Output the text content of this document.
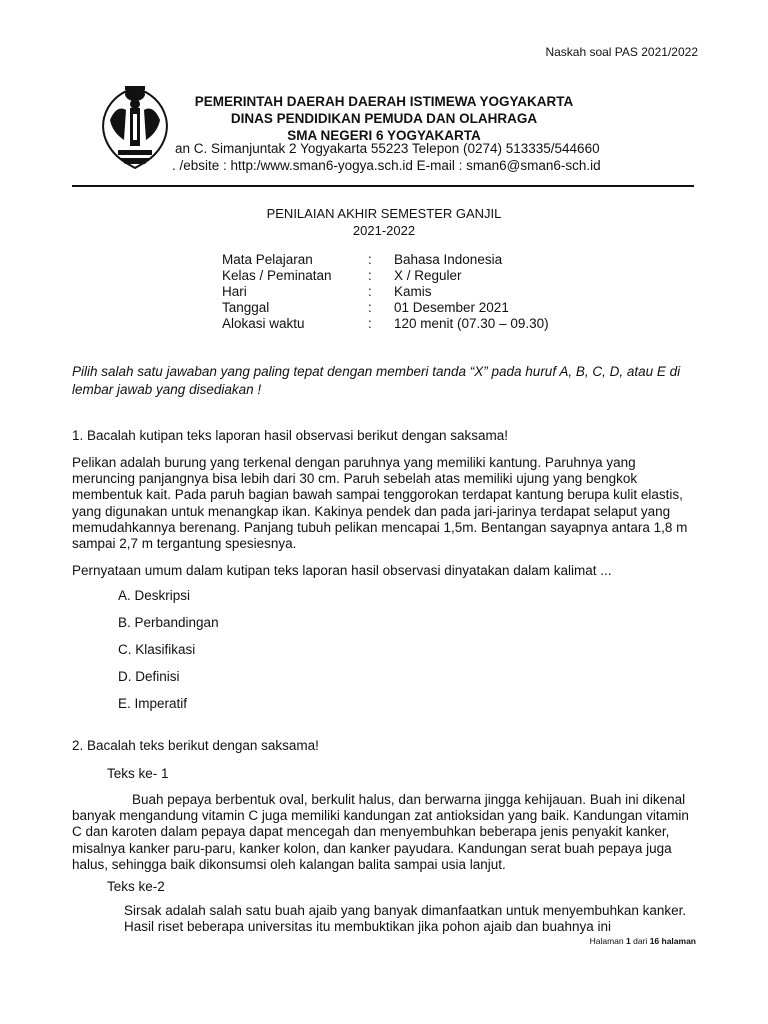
Naskah soal PAS 2021/2022
PEMERINTAH DAERAH DAERAH ISTIMEWA YOGYAKARTA
DINAS PENDIDIKAN PEMUDA DAN OLAHRAGA
SMA NEGERI 6 YOGYAKARTA
an C. Simanjuntak 2 Yogyakarta 55223 Telepon (0274) 513335/544660
. /ebsite : http:/www.sman6-yogya.sch.id E-mail : sman6@sman6-sch.id
PENILAIAN AKHIR SEMESTER GANJIL
2021-2022
Mata Pelajaran	: Bahasa Indonesia
Kelas / Peminatan	: X / Reguler
Hari	: Kamis
Tanggal	: 01 Desember 2021
Alokasi waktu	: 120 menit (07.30 – 09.30)
Pilih salah satu jawaban yang paling tepat dengan memberi tanda “X” pada huruf A, B, C, D, atau E di lembar jawab yang disediakan !
1. Bacalah kutipan teks laporan hasil observasi berikut dengan saksama!
Pelikan adalah burung yang terkenal dengan paruhnya yang memiliki kantung. Paruhnya yang meruncing panjangnya bisa lebih dari 30 cm. Paruh sebelah atas memiliki ujung yang bengkok membentuk kait. Pada paruh bagian bawah sampai tenggorokan terdapat kantung berupa kulit elastis, yang digunakan untuk menangkap ikan. Kakinya pendek dan pada jari-jarinya terdapat selaput yang memudahkannya berenang. Panjang tubuh pelikan mencapai 1,5m. Bentangan sayapnya antara 1,8 m sampai 2,7 m tergantung spesiesnya.
Pernyataan umum dalam kutipan teks laporan hasil observasi dinyatakan dalam kalimat ...
A. Deskripsi
B. Perbandingan
C. Klasifikasi
D. Definisi
E. Imperatif
2. Bacalah teks berikut dengan saksama!
Teks ke- 1
Buah pepaya berbentuk oval, berkulit halus, dan berwarna jingga kehijauan. Buah ini dikenal banyak mengandung vitamin C juga memiliki kandungan zat antioksidan yang baik. Kandungan vitamin C dan karoten dalam pepaya dapat mencegah dan menyembuhkan beberapa jenis penyakit kanker, misalnya kanker paru-paru, kanker kolon, dan kanker payudara. Kandungan serat buah pepaya juga halus, sehingga baik dikonsumsi oleh kalangan balita sampai usia lanjut.
Teks ke-2
Sirsak adalah salah satu buah ajaib yang banyak dimanfaatkan untuk menyembuhkan kanker. Hasil riset beberapa universitas itu membuktikan jika pohon ajaib dan buahnya ini
Halaman 1 dari 16 halaman
